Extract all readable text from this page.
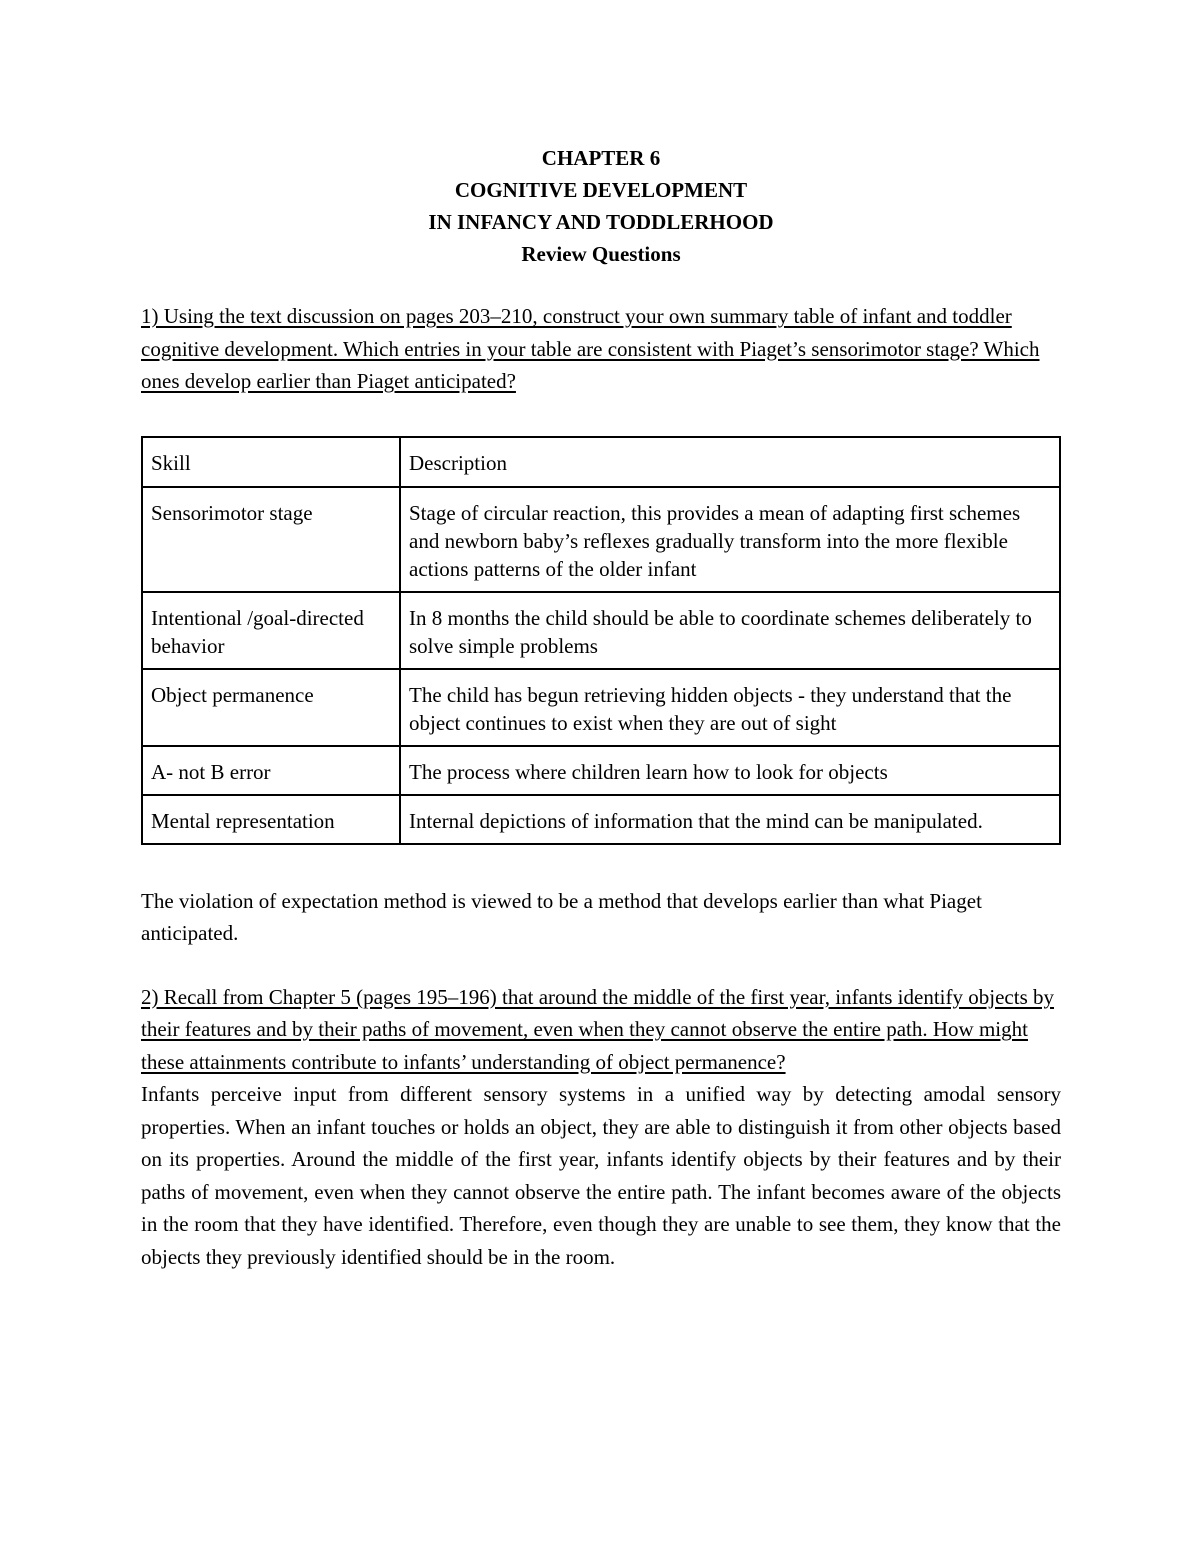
CHAPTER 6
COGNITIVE DEVELOPMENT
IN INFANCY AND TODDLERHOOD
Review Questions

1) Using the text discussion on pages 203–210, construct your own summary table of infant and toddler cognitive development. Which entries in your table are consistent with Piaget’s sensorimotor stage? Which ones develop earlier than Piaget anticipated?

Skill	Description
Sensorimotor stage	Stage of circular reaction, this provides a mean of adapting first schemes and newborn baby’s reflexes gradually transform into the more flexible actions patterns of the older infant
Intentional /goal-directed behavior	In 8 months the child should be able to coordinate schemes deliberately to solve simple problems
Object permanence	The child has begun retrieving hidden objects - they understand that the object continues to exist when they are out of sight
A- not B error	The process where children learn how to look for objects
Mental representation	Internal depictions of information that the mind can be manipulated.

The violation of expectation method is viewed to be a method that develops earlier than what Piaget anticipated.

2) Recall from Chapter 5 (pages 195–196) that around the middle of the first year, infants identify objects by their features and by their paths of movement, even when they cannot observe the entire path. How might these attainments contribute to infants’ understanding of object permanence?

Infants perceive input from different sensory systems in a unified way by detecting amodal sensory properties. When an infant touches or holds an object, they are able to distinguish it from other objects based on its properties. Around the middle of the first year, infants identify objects by their features and by their paths of movement, even when they cannot observe the entire path. The infant becomes aware of the objects in the room that they have identified. Therefore, even though they are unable to see them, they know that the objects they previously identified should be in the room.
